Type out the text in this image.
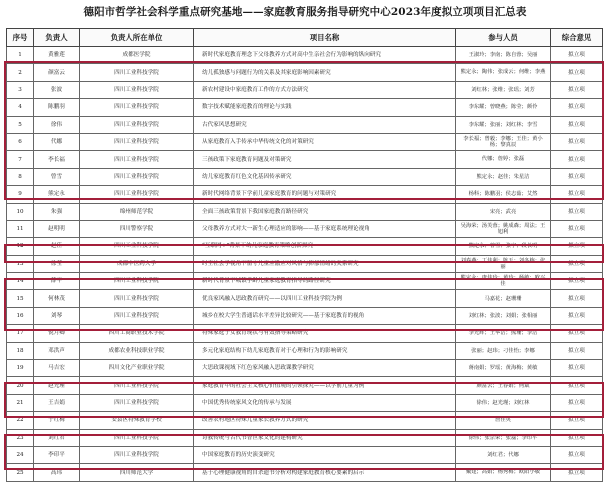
德阳市哲学社会科学重点研究基地——家庭教育服务指导研究中心2023年度拟立项项目汇总表
序号	负责人	负责人所在单位	项目名称	参与人员	综合意见
1	黄雅莲	成都医学院	新时代家庭教育理念下父母教养方式对高中生亲社会行为影响的纵向研究	王淑玲；李南；陈自蓉；吴丽	拟立项
2	颜富云	四川工业科技学院	幼儿孤独感与问题行为的关系及其家庭影响因素研究	熊定永；陶伟；张成云；何维；李燕	拟立项
3	张波	四川工业科技学院	新农村建设中家庭教育工作的方式方法研究	刘红林；张维；张瑶；刘芳	拟立项
4	陈鹏羽	四川工业科技学院	数字技术赋能家庭教育的理论与实践	李东耀；曾晓燕；陈莹；颜伶	拟立项
5	徐伟	四川工业科技学院	古代家风思想研究	李东耀；张丽；刘红林；李雪	拟立项
6	代娜	四川工业科技学院	从家庭教育入手传承中华传统文化的对策研究	李长福；曾毅；李娜；王佳；黄小杨；黎真辰	拟立项
7	李长福	四川工业科技学院	三孩政策下家庭教育问题及对策研究	代娜；詹婷；张磊	拟立项
8	曾雪	四川工业科技学院	幼儿家庭教育红色文化基因传承研究	熊定永；赵佳；朱星洁	拟立项
9	熊定永	四川工业科技学院	新时代网络背景下学前儿童家庭教育的问题与对策研究	杨科；陈鹏羽；侯志茹；艾然	拟立项
10	朱强	绵州师范学院	全面三孩政策背景下我国家庭教育路径研究	宋亮；武亮	拟立项
11	赵明明	四川警察学院	父母教养方式对大一新生心理适应的影响——基于家庭系统理论视角	吴海荣；汤芙蓉；姚成森；周法；王旭利	拟立项
12	赵佳	四川工业科技学院	“互联网+”背景下幼儿家庭教育策略创新探究	熊定永；曾雪；张宇；段长明	拟立项
13	徐莹	成都中医药大学	时空社会学视角下留守儿童应激应对风格与抑郁情绪的关系研究	刘春燕；丁佳利；陈玉；刘冬梅；张丽	拟立项
14	薛平	四川工业科技学院	新时代背景下城镇学龄儿童家庭教育指导的路径研究	熊定永；唐佳玲；黄玲；杨敏；欧兴佳	拟立项
15	何林茂	四川工业科技学院	优良家风融入思政教育研究——以四川工业科技学院为例	马嘉花；赵珊珊	拟立项
16	刘琴	四川工业科技学院	城乡在校大学生普通话水平差异比较研究——基于家庭教育的视角	刘红林；张波；刘娟；张相丽	拟立项
17	倪月卿	四川工商职业技术学院	特殊家庭子女教育现状与有效指导策略研究	李光辉；王华洁；熊珊；李洁	拟立项
18	邓洪声	成都农业科技职业学院	多元化家庭结构下幼儿家庭教育对于心理和行为的影响研究	张丽；赵玮；刁佳怡；李娜	拟立项
19	马吉宏	四川文化产业职业学院	大思政课视域下红色家风融入思政课教学研究	蒋南娟；罗瑶；黄海梅；黄敏	拟立项
20	赵光瑾	四川工业科技学院	家庭教育中的社会主义核心价值观的引领探究——以学前儿童为例	颜富云；王春娟；何斌	拟立项
21	王吉娟	四川工业科技学院	中国优秀传统家风文化的传承与发展	徐伟；赵光瑾；刘红林	拟立项
22	于红梅	安县区特殊教育学校	改善农村地区特殊儿童家长教养方式的研究	詹佳英	拟立项
23	刘红君	四川工业科技学院	诗教传统与古代书香世家文化的建构研究	徐伟；张宗荣；张磊；李印平	拟立项
24	李印平	四川工业科技学院	中国家庭教育的历史演变研究	刘红君；代娜	拟立项
25	高玮	四川师范大学	基于心理健康视角的自杀遗书分析对构建家庭教育核心要素的启示	戴建；高娟；杨秀梅；欧阳小敏	拟立项
